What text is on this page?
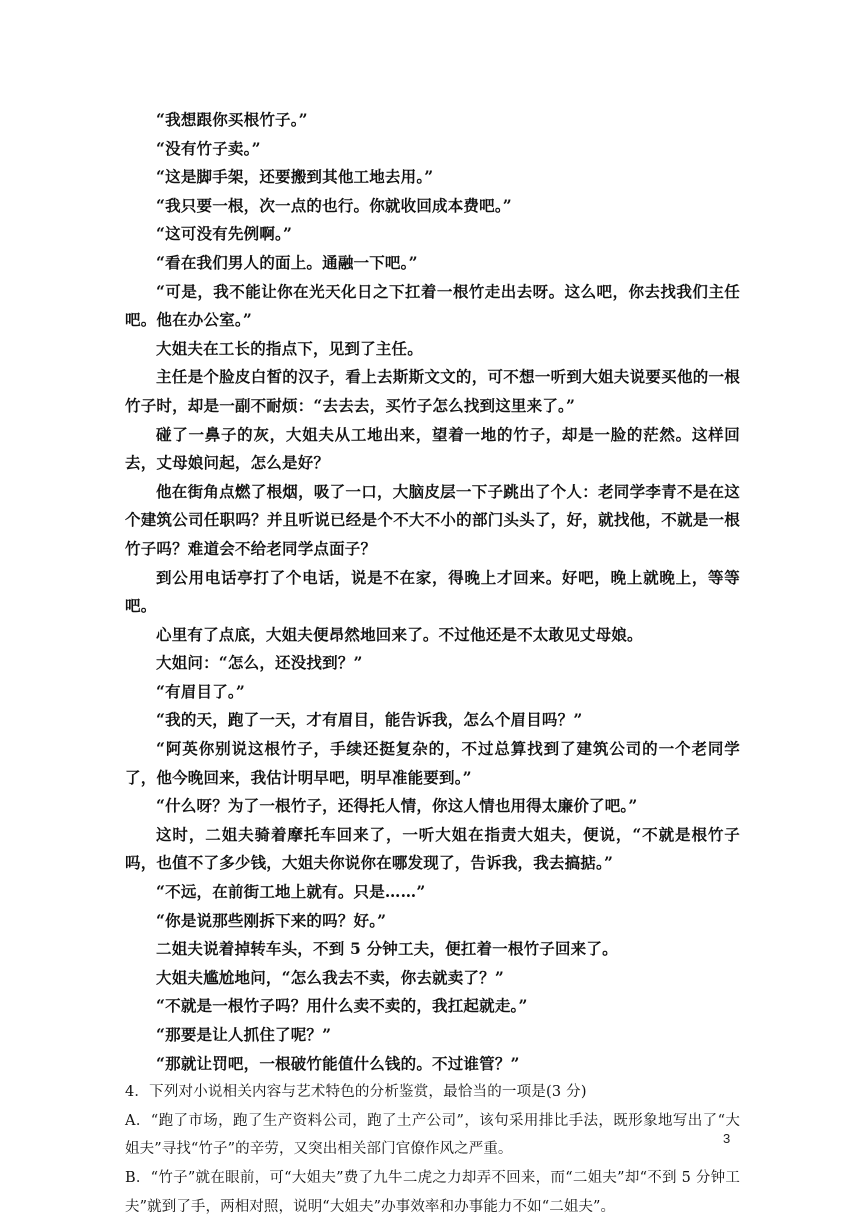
“我想跟你买根竹子。”

“没有竹子卖。”

“这是脚手架，还要搬到其他工地去用。”

“我只要一根，次一点的也行。你就收回成本费吧。”

“这可没有先例啊。”

“看在我们男人的面上。通融一下吧。”

“可是，我不能让你在光天化日之下扛着一根竹走出去呀。这么吧，你去找我们主任吧。他在办公室。”

大姐夫在工长的指点下，见到了主任。

主任是个脸皮白皙的汉子，看上去斯斯文文的，可不想一听到大姐夫说要买他的一根竹子时，却是一副不耐烦：“去去去，买竹子怎么找到这里来了。”

碰了一鼻子的灰，大姐夫从工地出来，望着一地的竹子，却是一脸的茫然。这样回去，丈母娘问起，怎么是好？

他在街角点燃了根烟，吸了一口，大脑皮层一下子跳出了个人：老同学李青不是在这个建筑公司任职吗？并且听说已经是个不大不小的部门头头了，好，就找他，不就是一根竹子吗？难道会不给老同学点面子？

到公用电话亭打了个电话，说是不在家，得晚上才回来。好吧，晚上就晚上，等等吧。

心里有了点底，大姐夫便昂然地回来了。不过他还是不太敢见丈母娘。

大姐问：“怎么，还没找到？”

“有眉目了。”

“我的天，跑了一天，才有眉目，能告诉我，怎么个眉目吗？”

“阿英你别说这根竹子，手续还挺复杂的，不过总算找到了建筑公司的一个老同学了，他今晚回来，我估计明早吧，明早准能要到。”

“什么呀？为了一根竹子，还得托人情，你这人情也用得太廉价了吧。”

这时，二姐夫骑着摩托车回来了，一听大姐在指责大姐夫，便说，“不就是根竹子吗，也值不了多少钱，大姐夫你说你在哪发现了，告诉我，我去搞掂。”

“不远，在前街工地上就有。只是……”

“你是说那些刚拆下来的吗？好。”

二姐夫说着掉转车头，不到 5 分钟工夫，便扛着一根竹子回来了。

大姐夫尴尬地问，“怎么我去不卖，你去就卖了？”

“不就是一根竹子吗？用什么卖不卖的，我扛起就走。”

“那要是让人抓住了呢？”

“那就让罚吧，一根破竹能值什么钱的。不过谁管？”

4．下列对小说相关内容与艺术特色的分析鉴赏，最恰当的一项是(3 分)

A．“跑了市场，跑了生产资料公司，跑了土产公司”，该句采用排比手法，既形象地写出了“大姐夫”寻找“竹子”的辛劳，又突出相关部门官僚作风之严重。

B．“竹子”就在眼前，可“大姐夫”费了九牛二虎之力却弄不回来，而“二姐夫”却“不到 5 分钟工夫”就到了手，两相对照，说明“大姐夫”办事效率和办事能力不如“二姐夫”。

3
